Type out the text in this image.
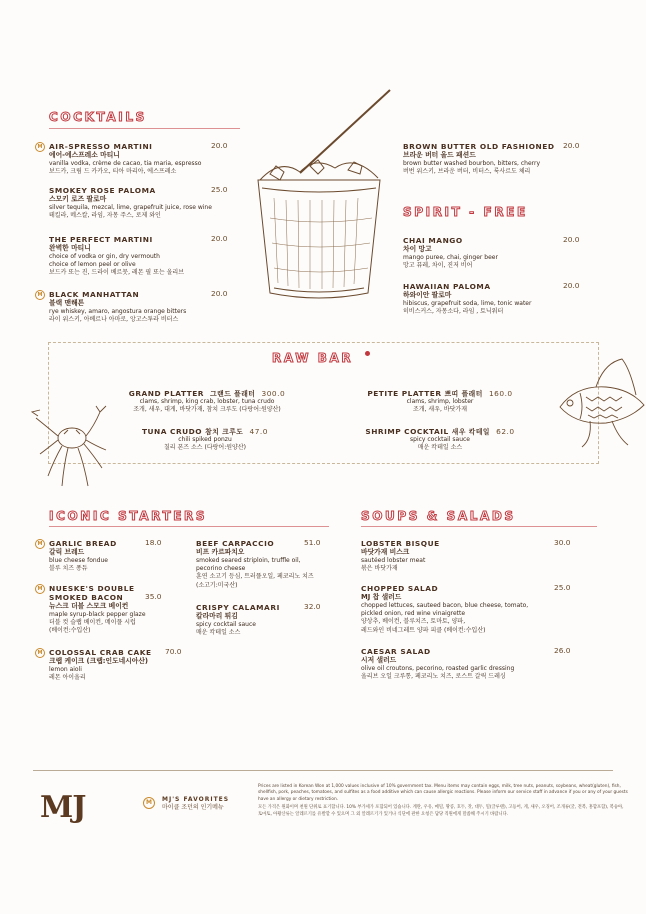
COCKTAILS
M AIR-SPRESSO MARTINI	20.0
에어-에스프레소 마티니
vanilla vodka, crème de cacao, tia maria, espresso
보드카, 크림 드 카카오, 티아 마리아, 에스프레소
SMOKEY ROSE PALOMA	25.0
스모키 로즈 팔로마
silver tequila, mezcal, lime, grapefruit juice, rose wine
테킬라, 메스칼, 라임, 자몽 주스, 로제 와인
THE PERFECT MARTINI	20.0
완벽한 마티니
choice of vodka or gin, dry vermouth
choice of lemon peel or olive
보드카 또는 진, 드라이 베르뭇, 레몬 필 또는 올리브
M BLACK MANHATTAN	20.0
블랙 맨해튼
rye whiskey, amaro, angostura orange bitters
라이 위스키, 아베르나 아마로, 앙고스투라 비터스
BROWN BUTTER OLD FASHIONED	20.0
브라운 버터 올드 패션드
brown butter washed bourbon, bitters, cherry
버번 위스키, 브라운 버터, 비터스, 룩사르도 체리
SPIRIT - FREE
CHAI MANGO	20.0
차이 망고
mango puree, chai, ginger beer
망고 퓨레, 차이, 진저 비어
HAWAIIAN PALOMA	20.0
하와이안 팔로마
hibiscus, grapefruit soda, lime, tonic water
히비스커스, 자몽소다, 라임 , 토닉워터
RAW BAR
GRAND PLATTER 그랜드 플래터 300.0
clams, shrimp, king crab, lobster, tuna crudo
조개, 새우, 대게, 바닷가재, 참치 크루도 (다랑어:원양산)
TUNA CRUDO 참치 크루도 47.0
chili spiked ponzu
칠리 폰즈 소스 (다랑어:원양산)
PETITE PLATTER 쁘띠 플래터 160.0
clams, shrimp, lobster
조개, 새우, 바닷가재
SHRIMP COCKTAIL 새우 칵테일 62.0
spicy cocktail sauce
매운 칵테일 소스
ICONIC STARTERS
M GARLIC BREAD	18.0
갈릭 브레드
blue cheese fondue
블루 치즈 퐁듀
M NUESKE'S DOUBLE
SMOKED BACON	35.0
뉴스크 더블 스모크 베이컨
maple syrup-black pepper glaze
더블 컷 슬랩 베이컨, 메이플 시럽
(베이컨:수입산)
M COLOSSAL CRAB CAKE	70.0
크랩 케이크 (크랩:인도네시아산)
lemon aioli
레몬 아이올리
BEEF CARPACCIO	51.0
비프 카르파치오
smoked seared striploin, truffle oil,
pecorino cheese
훈연 소고기 등심, 트러플오일, 페코리노 치즈
(소고기:미국산)
CRISPY CALAMARI	32.0
칼라마리 튀김
spicy cocktail sauce
매운 칵테일 소스
SOUPS & SALADS
LOBSTER BISQUE	30.0
바닷가재 비스크
sautéed lobster meat
볶은 바닷가재
CHOPPED SALAD	25.0
MJ 찹 샐러드
chopped lettuces, sauteed bacon, blue cheese, tomato,
pickled onion, red wine vinaigrette
양상추, 베이컨, 블루치즈, 토마토, 양파,
레드와인 비네그레트 양파 피클 (베이컨:수입산)
CAESAR SALAD	26.0
시저 샐러드
olive oil croutons, pecorino, roasted garlic dressing
올리브 오일 크루통, 페코리노 치즈, 로스트 갈릭 드레싱
MJ	M	MJ'S FAVORITES
마이클 조던의 인기메뉴
Prices are listed in Korean Won at 1,000 values inclusive of 10% government tax. Menu items may contain eggs, milk, tree nuts, peanuts, soybeans, wheat(gluten), fish, shellfish, pork, peaches, tomatoes, and sulfites as a food additive which can cause allergic reactions. Please inform our service staff in advance if you or any of your guests have an allergy or dietary restriction.
모든 가격은 원화이며 천원 단위로 표기합니다. 10% 부가세가 포함되어 있습니다. 계란, 우유, 메밀, 땅콩, 호두, 잣, 대두, 밀(글루텐), 고등어, 게, 새우, 오징어, 조개류(굴, 전복, 홍합포함), 복숭아, 토마토, 아황산류는 알레르기를 유발할 수 있으며 그 외 알레르기가 있거나 식단에 관한 요청은 담당 직원에게 말씀해 주시기 바랍니다.
